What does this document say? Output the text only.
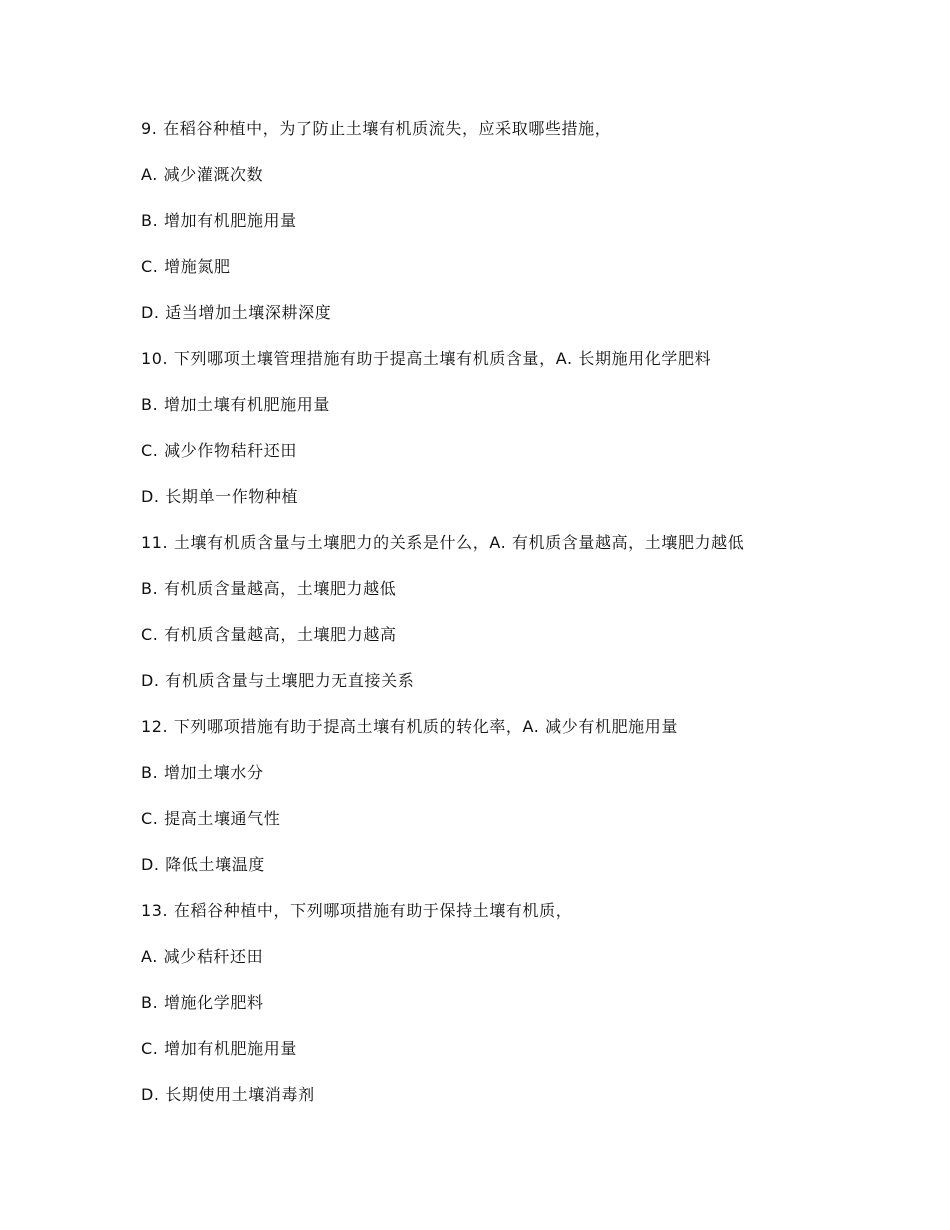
9. 在稻谷种植中，为了防止土壤有机质流失，应采取哪些措施，
A. 减少灌溉次数
B. 增加有机肥施用量
C. 增施氮肥
D. 适当增加土壤深耕深度
10. 下列哪项土壤管理措施有助于提高土壤有机质含量，A. 长期施用化学肥料
B. 增加土壤有机肥施用量
C. 减少作物秸秆还田
D. 长期单一作物种植
11. 土壤有机质含量与土壤肥力的关系是什么，A. 有机质含量越高，土壤肥力越低
B. 有机质含量越高，土壤肥力越低
C. 有机质含量越高，土壤肥力越高
D. 有机质含量与土壤肥力无直接关系
12. 下列哪项措施有助于提高土壤有机质的转化率，A. 减少有机肥施用量
B. 增加土壤水分
C. 提高土壤通气性
D. 降低土壤温度
13. 在稻谷种植中，下列哪项措施有助于保持土壤有机质，
A. 减少秸秆还田
B. 增施化学肥料
C. 增加有机肥施用量
D. 长期使用土壤消毒剂
